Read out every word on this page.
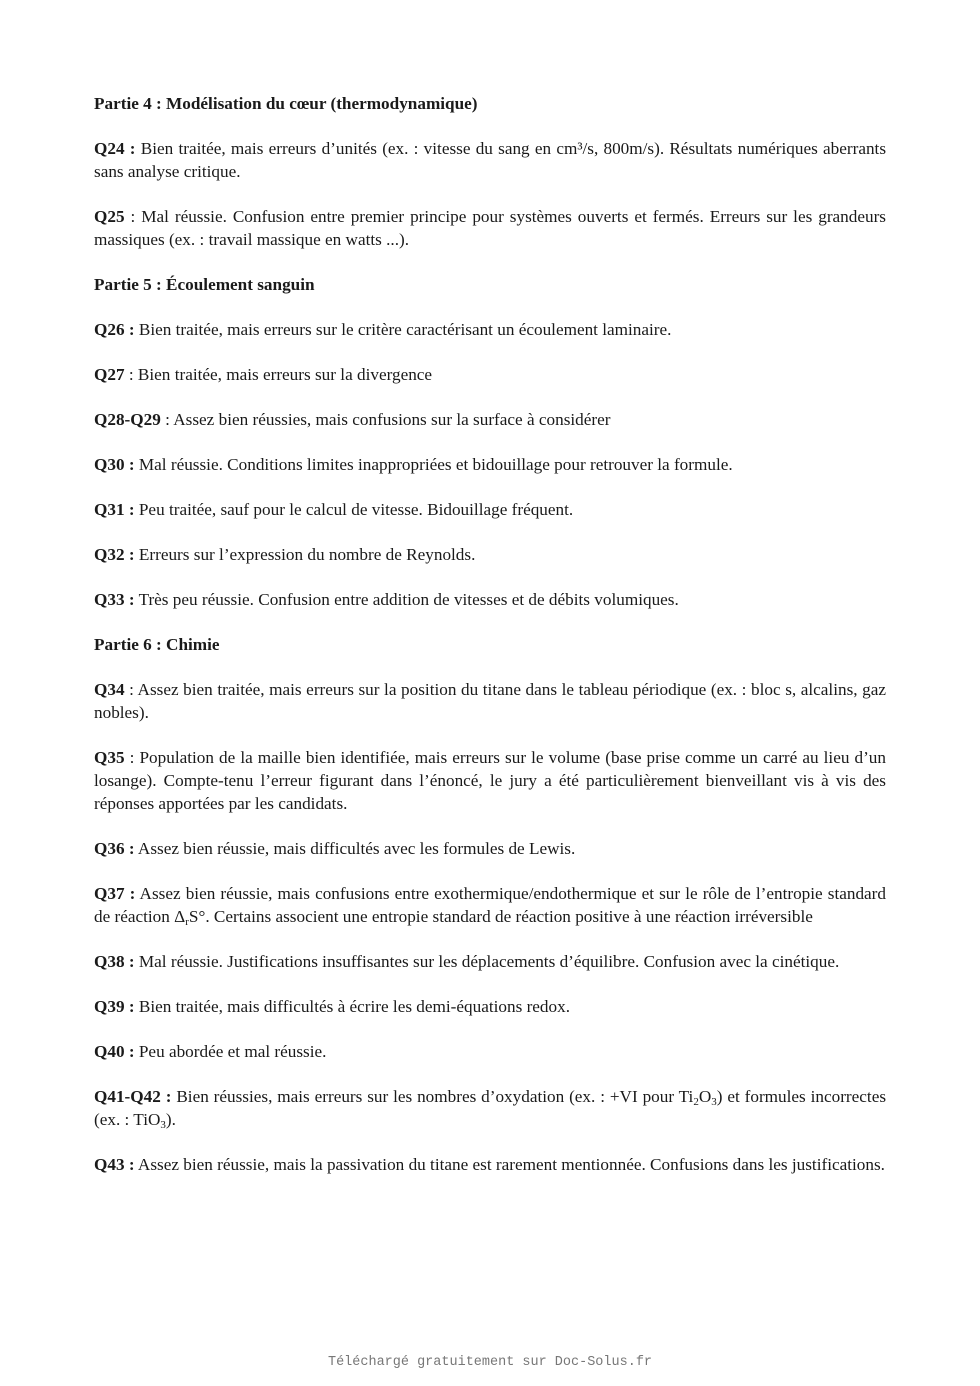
Partie 4 : Modélisation du cœur (thermodynamique)

Q24 : Bien traitée, mais erreurs d’unités (ex. : vitesse du sang en cm³/s, 800m/s). Résultats numériques aberrants sans analyse critique.

Q25 : Mal réussie. Confusion entre premier principe pour systèmes ouverts et fermés. Erreurs sur les grandeurs massiques (ex. : travail massique en watts ...).

Partie 5 : Écoulement sanguin

Q26 : Bien traitée, mais erreurs sur le critère caractérisant un écoulement laminaire.

Q27 : Bien traitée, mais erreurs sur la divergence

Q28-Q29 : Assez bien réussies, mais confusions sur la surface à considérer

Q30 : Mal réussie. Conditions limites inappropriées et bidouillage pour retrouver la formule.

Q31 : Peu traitée, sauf pour le calcul de vitesse. Bidouillage fréquent.

Q32 : Erreurs sur l’expression du nombre de Reynolds.

Q33 : Très peu réussie. Confusion entre addition de vitesses et de débits volumiques.

Partie 6 : Chimie

Q34 : Assez bien traitée, mais erreurs sur la position du titane dans le tableau périodique (ex. : bloc s, alcalins, gaz nobles).

Q35 : Population de la maille bien identifiée, mais erreurs sur le volume (base prise comme un carré au lieu d’un losange). Compte-tenu l’erreur figurant dans l’énoncé, le jury a été particulièrement bienveillant vis à vis des réponses apportées par les candidats.

Q36 : Assez bien réussie, mais difficultés avec les formules de Lewis.

Q37 : Assez bien réussie, mais confusions entre exothermique/endothermique et sur le rôle de l’entropie standard de réaction $\Delta_rS^\circ$. Certains associent une entropie standard de réaction positive à une réaction irréversible

Q38 : Mal réussie. Justifications insuffisantes sur les déplacements d’équilibre. Confusion avec la cinétique.

Q39 : Bien traitée, mais difficultés à écrire les demi-équations redox.

Q40 : Peu abordée et mal réussie.

Q41-Q42 : Bien réussies, mais erreurs sur les nombres d’oxydation (ex. : +VI pour $Ti_2O_3$) et formules incorrectes (ex. : TiO$_3$).

Q43 : Assez bien réussie, mais la passivation du titane est rarement mentionnée. Confusions dans les justifications.

Téléchargé gratuitement sur Doc-Solus.fr
